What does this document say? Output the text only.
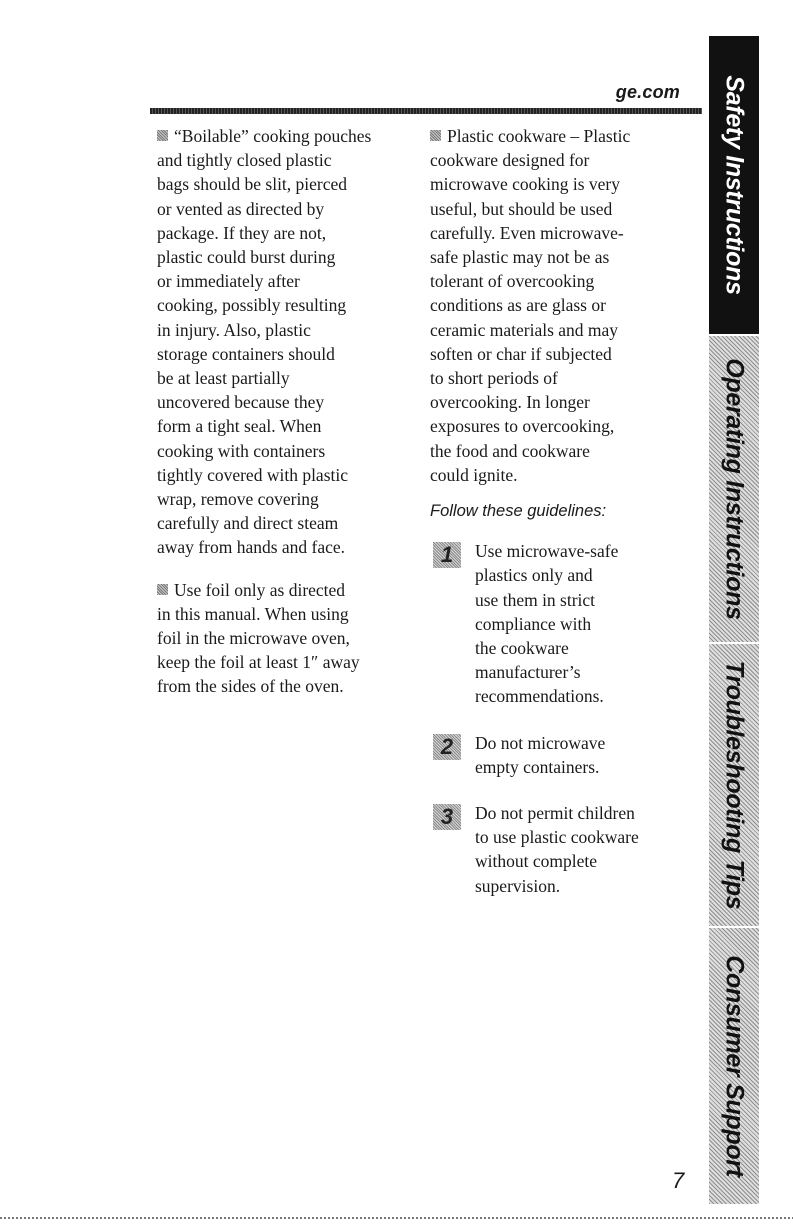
ge.com

“Boilable” cooking pouches
and tightly closed plastic
bags should be slit, pierced
or vented as directed by
package. If they are not,
plastic could burst during
or immediately after
cooking, possibly resulting
in injury. Also, plastic
storage containers should
be at least partially
uncovered because they
form a tight seal. When
cooking with containers
tightly covered with plastic
wrap, remove covering
carefully and direct steam
away from hands and face.

Use foil only as directed
in this manual. When using
foil in the microwave oven,
keep the foil at least 1″ away
from the sides of the oven.

Plastic cookware – Plastic
cookware designed for
microwave cooking is very
useful, but should be used
carefully. Even microwave-
safe plastic may not be as
tolerant of overcooking
conditions as are glass or
ceramic materials and may
soften or char if subjected
to short periods of
overcooking. In longer
exposures to overcooking,
the food and cookware
could ignite.

Follow these guidelines:
1	Use microwave-safe
plastics only and
use them in strict
compliance with
the cookware
manufacturer’s
recommendations.
2	Do not microwave
empty containers.
3	Do not permit children
to use plastic cookware
without complete
supervision.
Safety Instructions
Operating Instructions
Troubleshooting Tips
Consumer Support
7
